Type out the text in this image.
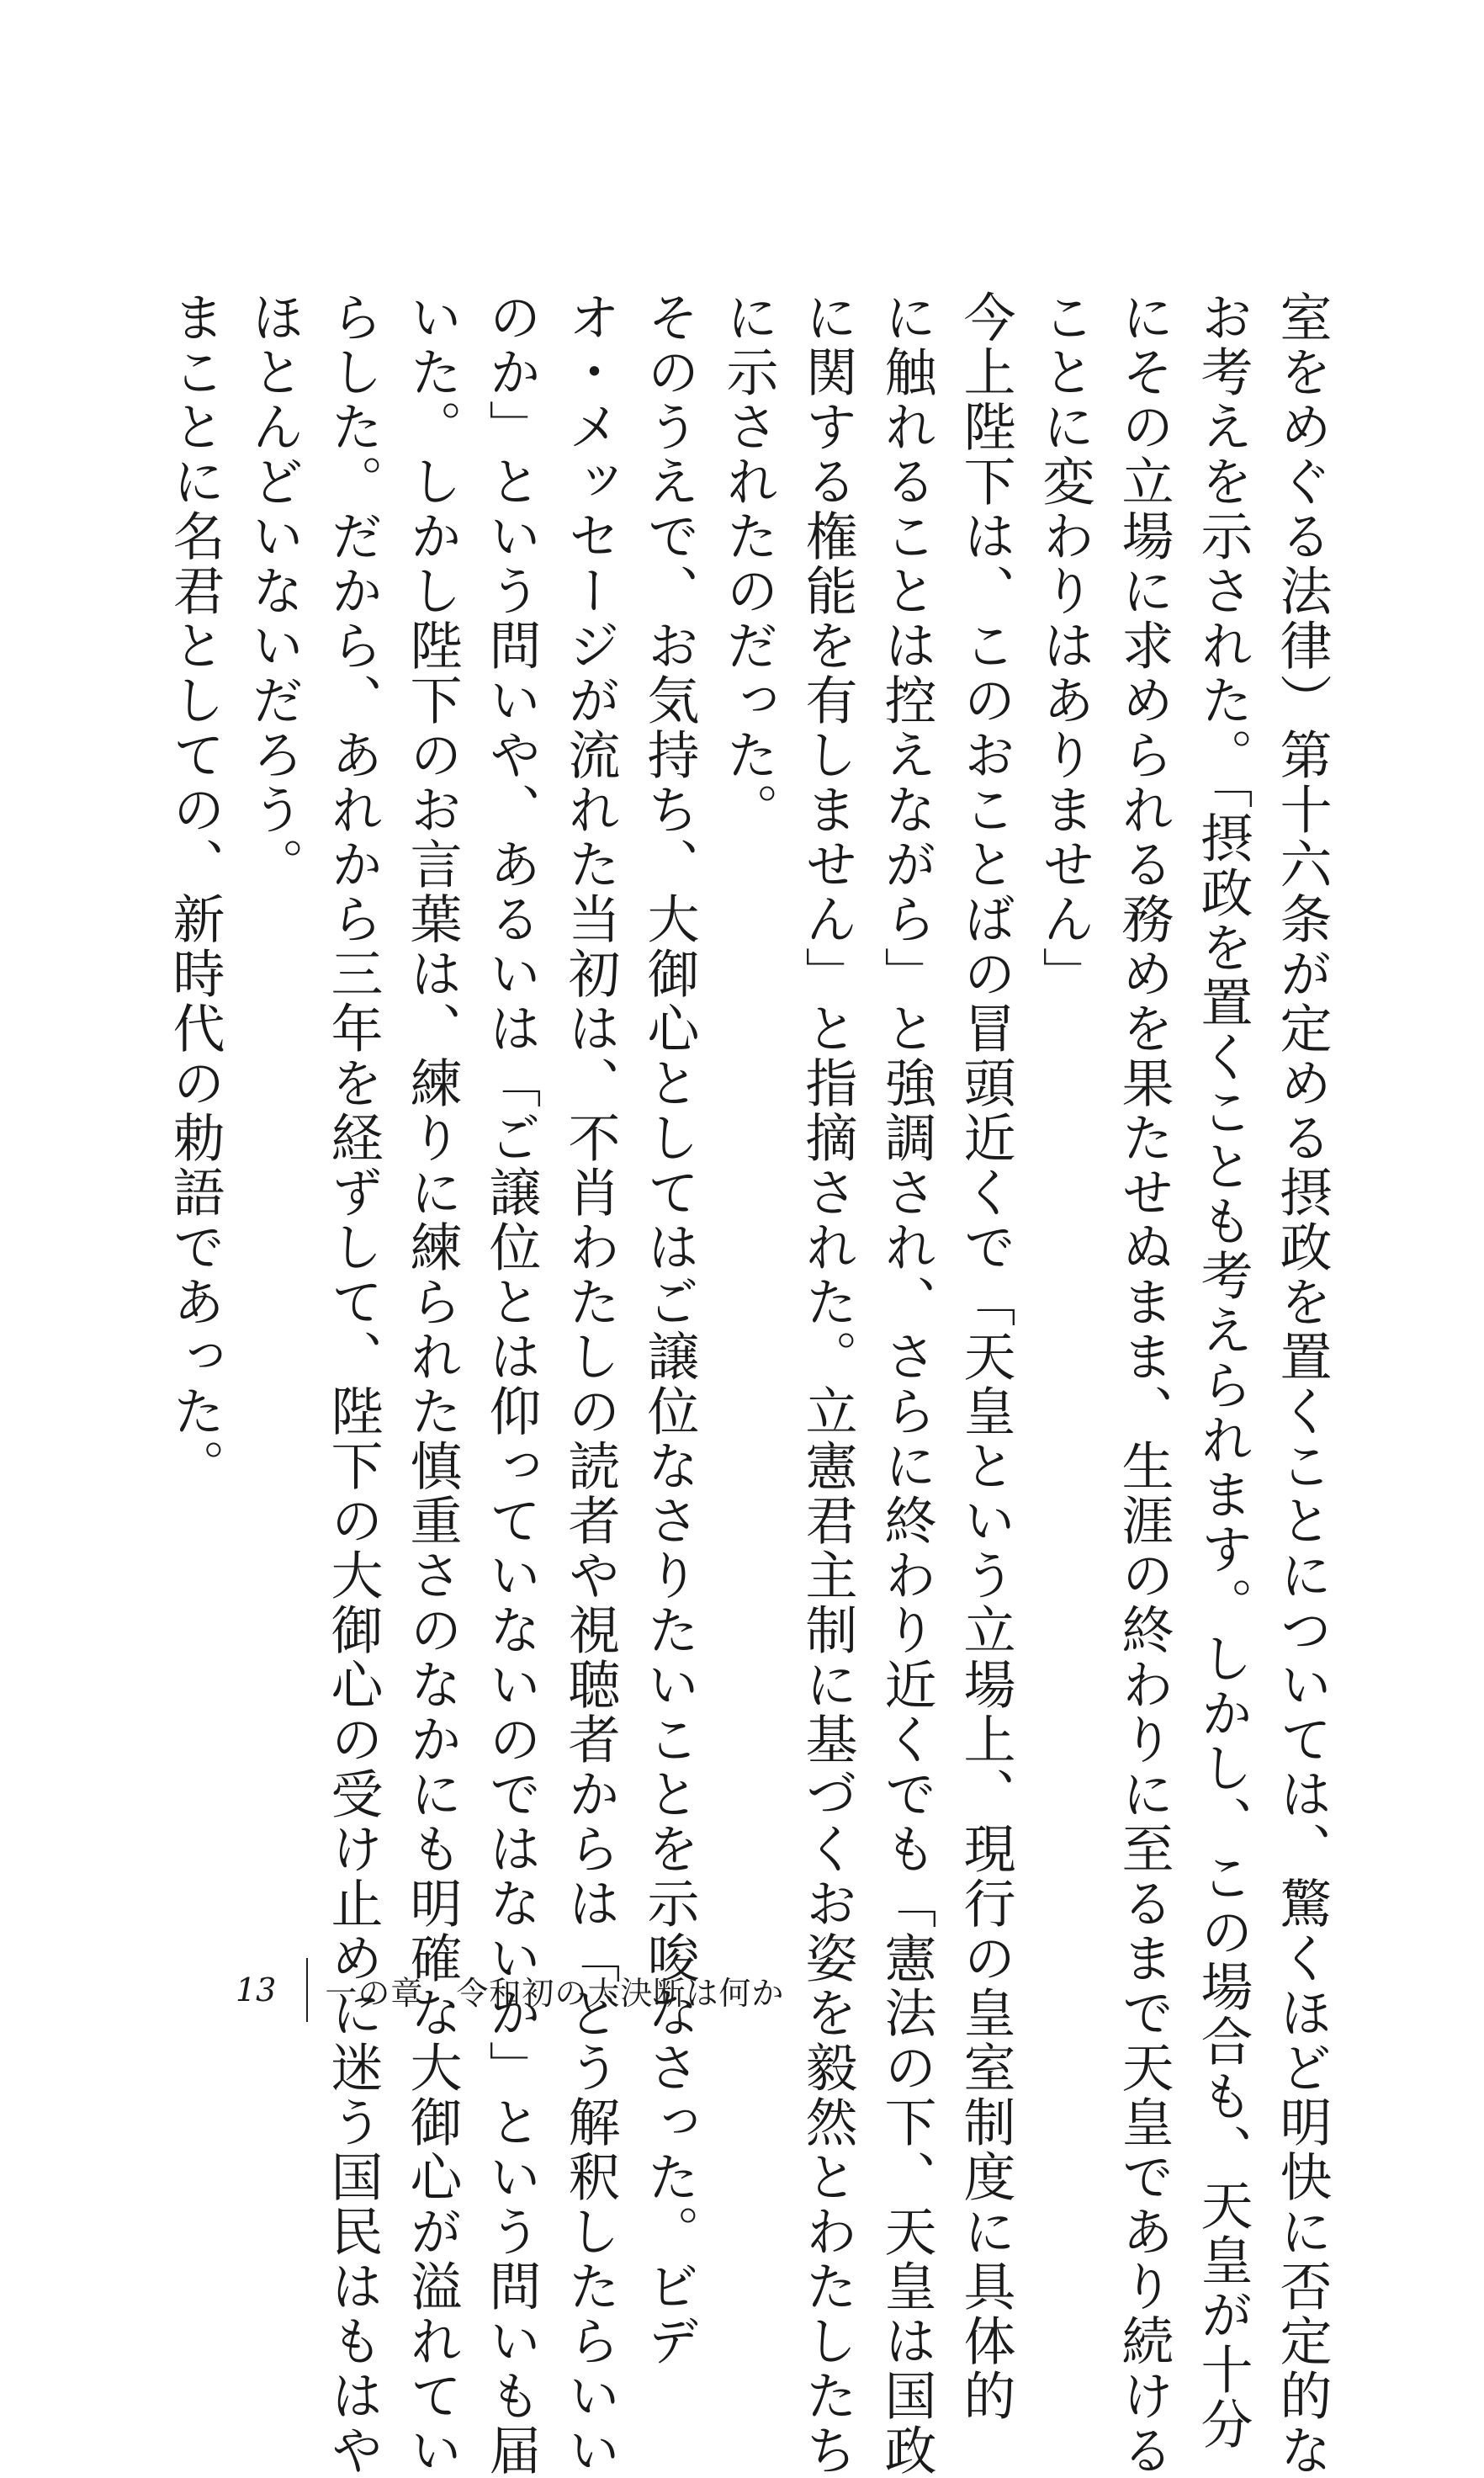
室をめぐる法律）第十六条が定める摂政を置くことについては、驚くほど明快に否定的な
お考えを示された。「摂政を置くことも考えられます。しかし、この場合も、天皇が十分
にその立場に求められる務めを果たせぬまま、生涯の終わりに至るまで天皇であり続ける
ことに変わりはありません」
今上陛下は、このおことばの冒頭近くで「天皇という立場上、現行の皇室制度に具体的
に触れることは控えながら」と強調され、さらに終わり近くでも「憲法の下、天皇は国政
に関する権能を有しません」と指摘された。立憲君主制に基づくお姿を毅然とわたしたち
に示されたのだった。
そのうえで、お気持ち、大御心としてはご譲位なさりたいことを示唆なさった。ビデ
オ・メッセージが流れた当初は、不肖わたしの読者や視聴者からは「どう解釈したらいい
のか」という問いや、あるいは「ご譲位とは仰っていないのではないか」という問いも届
いた。しかし陛下のお言葉は、練りに練られた慎重さのなかにも明確な大御心が溢れてい
らした。だから、あれから三年を経ずして、陛下の大御心の受け止めに迷う国民はもはや
ほとんどいないだろう。
まことに名君としての、新時代の勅語であった。
13 一の章　令和初の大決断は何か
